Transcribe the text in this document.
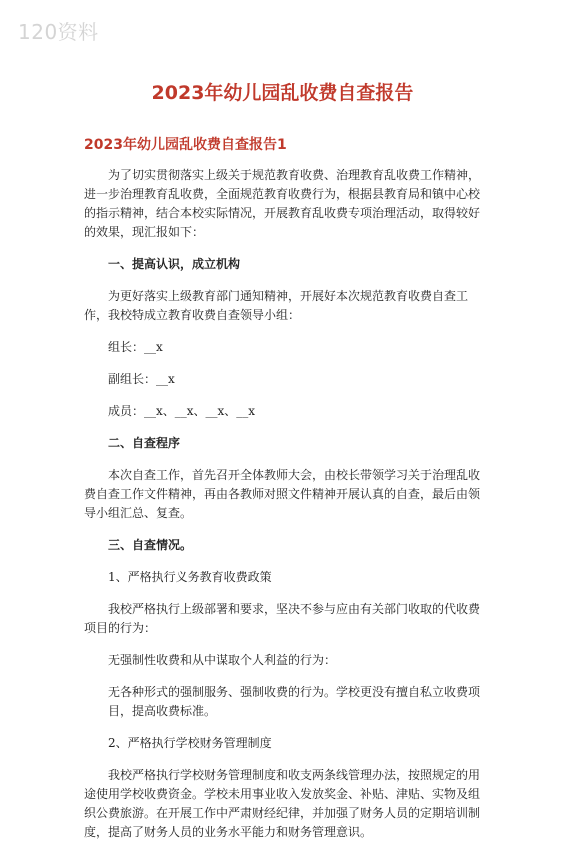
120资料
2023年幼儿园乱收费自查报告
2023年幼儿园乱收费自查报告1

为了切实贯彻落实上级关于规范教育收费、治理教育乱收费工作精神，进一步治理教育乱收费，全面规范教育收费行为，根据县教育局和镇中心校的指示精神，结合本校实际情况，开展教育乱收费专项治理活动，取得较好的效果，现汇报如下：

一、提高认识，成立机构

为更好落实上级教育部门通知精神，开展好本次规范教育收费自查工作，我校特成立教育收费自查领导小组：

组长：__x

副组长：__x

成员：__x、__x、__x、__x

二、自查程序

本次自查工作，首先召开全体教师大会，由校长带领学习关于治理乱收费自查工作文件精神，再由各教师对照文件精神开展认真的自查，最后由领导小组汇总、复查。

三、自查情况。

1、严格执行义务教育收费政策

我校严格执行上级部署和要求，坚决不参与应由有关部门收取的代收费项目的行为：

无强制性收费和从中谋取个人利益的行为：

无各种形式的强制服务、强制收费的行为。学校更没有擅自私立收费项目，提高收费标准。

2、严格执行学校财务管理制度

我校严格执行学校财务管理制度和收支两条线管理办法，按照规定的用途使用学校收费资金。学校未用事业收入发放奖金、补贴、津贴、实物及组织公费旅游。在开展工作中严肃财经纪律，并加强了财务人员的定期培训制度，提高了财务人员的业务水平能力和财务管理意识。
